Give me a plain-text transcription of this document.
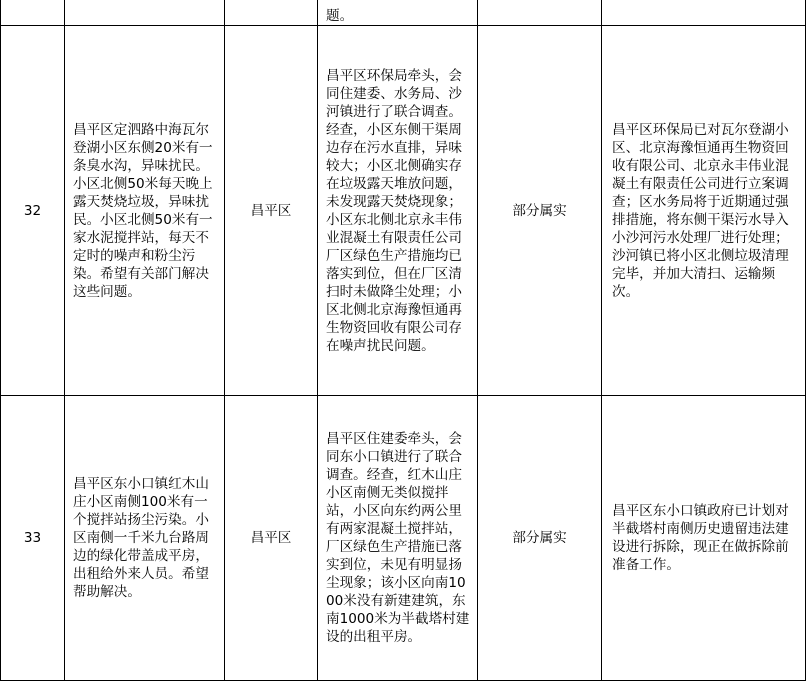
			题。		

32	昌平区定泗路中海瓦尔登湖小区东侧20米有一条臭水沟，异味扰民。小区北侧50米每天晚上露天焚烧垃圾，异味扰民。小区北侧50米有一家水泥搅拌站，每天不定时的噪声和粉尘污染。希望有关部门解决这些问题。	昌平区	昌平区环保局牵头，会同住建委、水务局、沙河镇进行了联合调查。经查，小区东侧干渠周边存在污水直排，异味较大；小区北侧确实存在垃圾露天堆放问题，未发现露天焚烧现象；小区东北侧北京永丰伟业混凝土有限责任公司厂区绿色生产措施均已落实到位，但在厂区清扫时未做降尘处理；小区北侧北京海豫恒通再生物资回收有限公司存在噪声扰民问题。	部分属实	昌平区环保局已对瓦尔登湖小区、北京海豫恒通再生物资回收有限公司、北京永丰伟业混凝土有限责任公司进行立案调查；区水务局将于近期通过强排措施，将东侧干渠污水导入小沙河污水处理厂进行处理；沙河镇已将小区北侧垃圾清理完毕，并加大清扫、运输频次。

33	昌平区东小口镇红木山庄小区南侧100米有一个搅拌站扬尘污染。小区南侧一千米九台路周边的绿化带盖成平房，出租给外来人员。希望帮助解决。	昌平区	昌平区住建委牵头，会同东小口镇进行了联合调查。经查，红木山庄小区南侧无类似搅拌站，小区向东约两公里有两家混凝土搅拌站，厂区绿色生产措施已落实到位，未见有明显扬尘现象；该小区向南1000米没有新建建筑，东南1000米为半截塔村建设的出租平房。	部分属实	昌平区东小口镇政府已计划对半截塔村南侧历史遗留违法建设进行拆除，现正在做拆除前准备工作。
